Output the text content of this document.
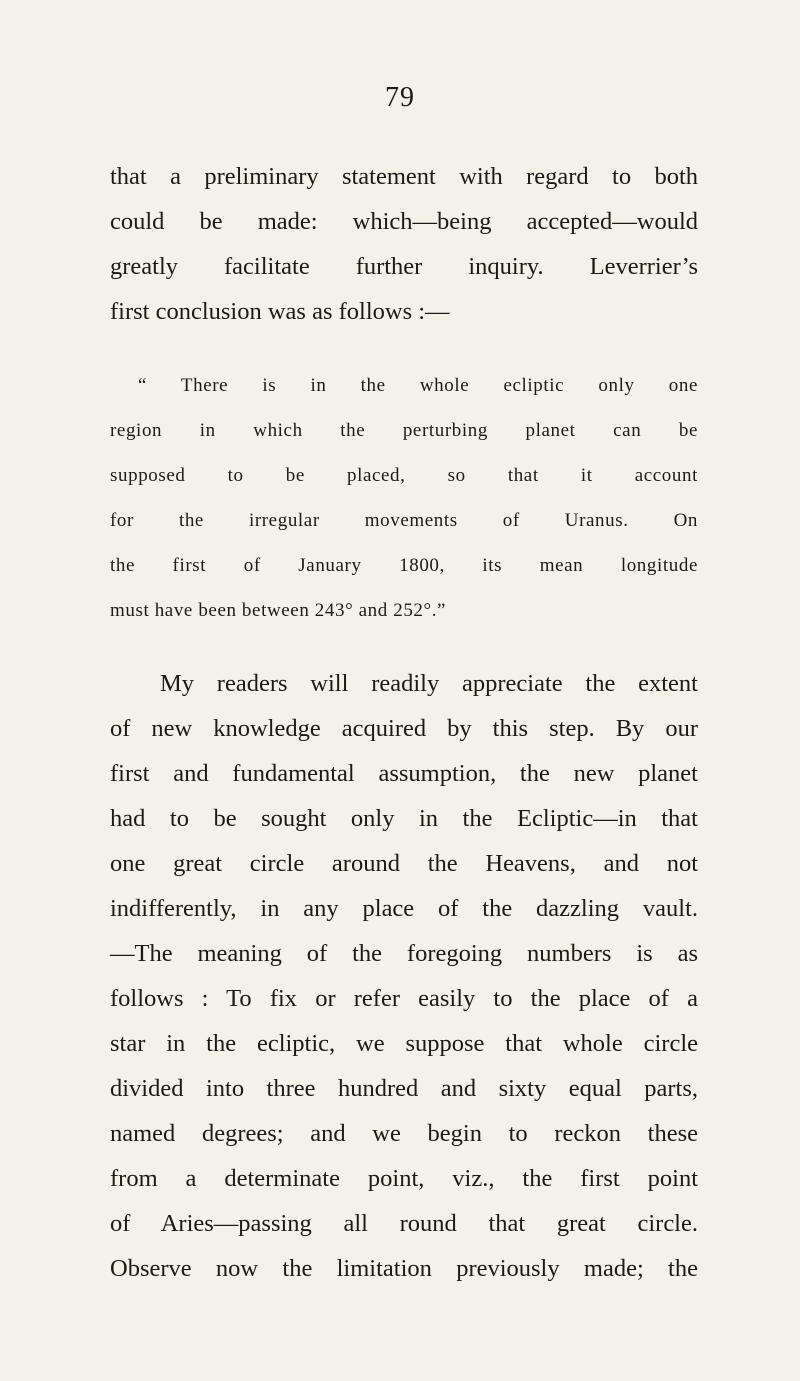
79
that a preliminary statement with regard to both
could be made: which—being accepted—would
greatly facilitate further inquiry. Leverrier’s
first conclusion was as follows :—
“ There is in the whole ecliptic only one
region in which the perturbing planet can be
supposed to be placed, so that it account
for the irregular movements of Uranus. On
the first of January 1800, its mean longitude
must have been between 243° and 252°.”
My readers will readily appreciate the extent
of new knowledge acquired by this step. By our
first and fundamental assumption, the new planet
had to be sought only in the Ecliptic—in that
one great circle around the Heavens, and not
indifferently, in any place of the dazzling vault.
—The meaning of the foregoing numbers is as
follows : To fix or refer easily to the place of a
star in the ecliptic, we suppose that whole circle
divided into three hundred and sixty equal parts,
named degrees; and we begin to reckon these
from a determinate point, viz., the first point
of Aries—passing all round that great circle.
Observe now the limitation previously made; the
